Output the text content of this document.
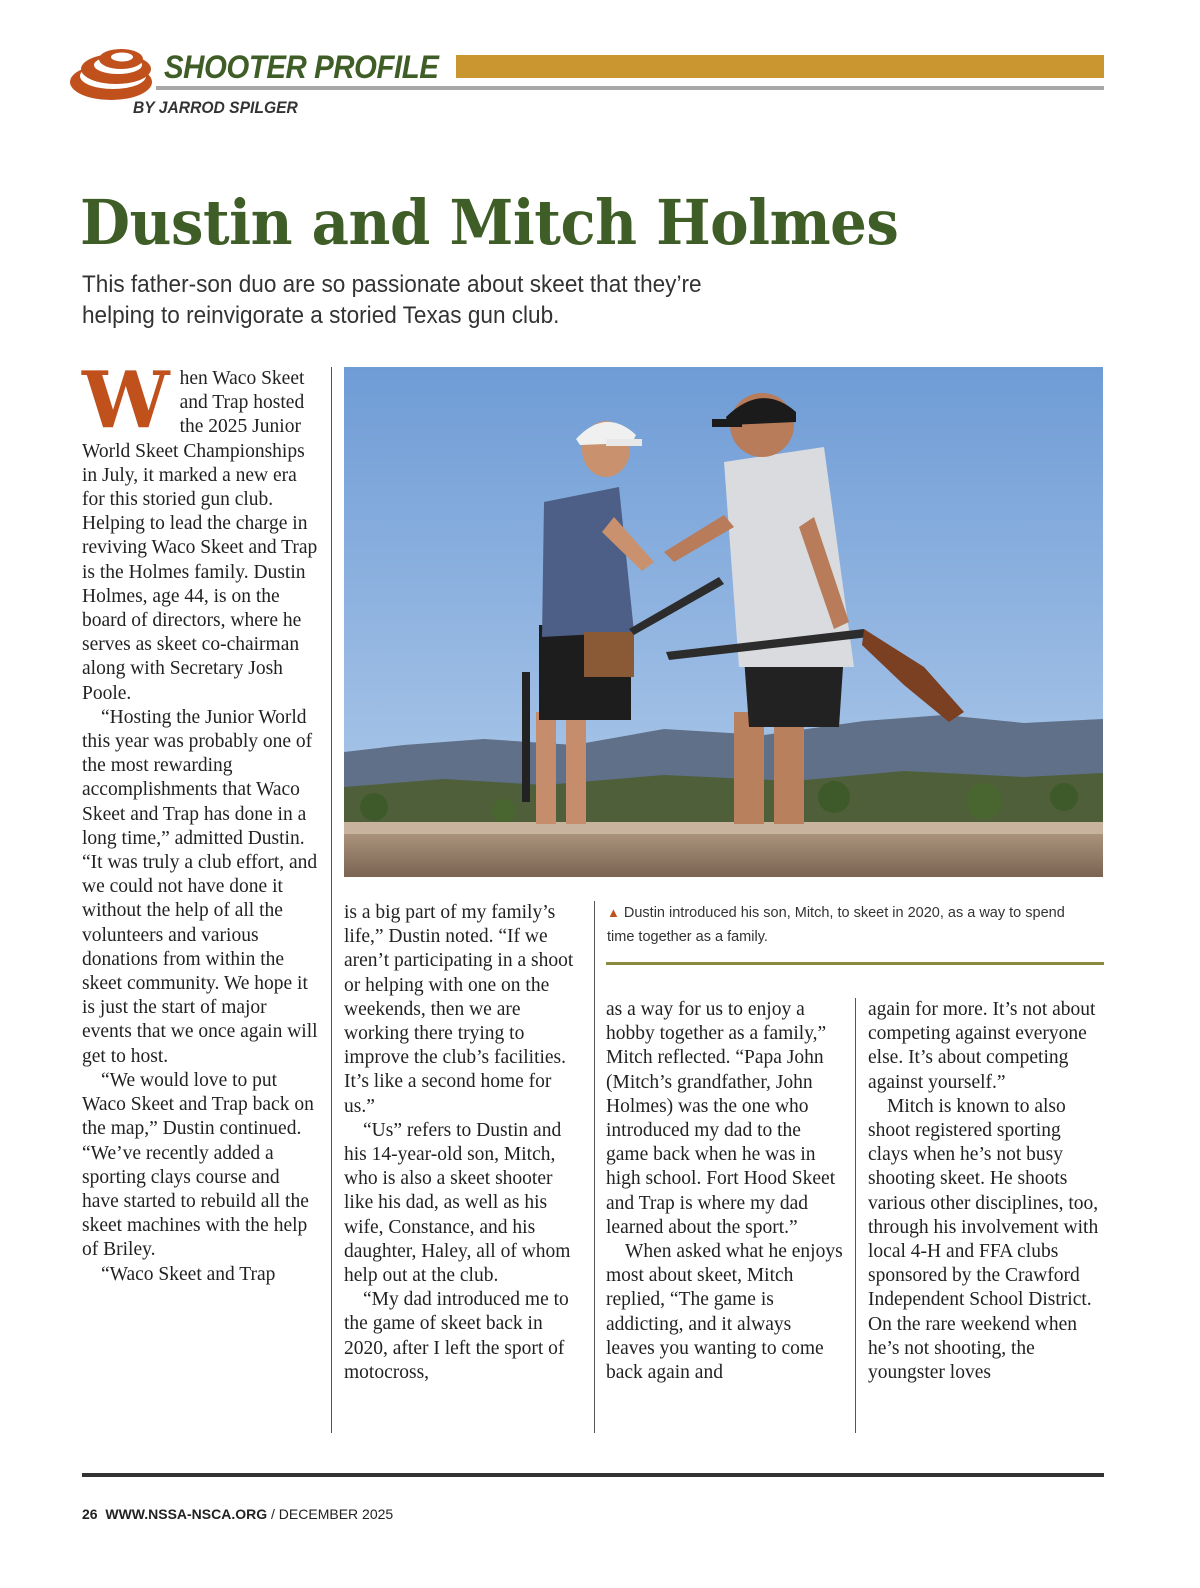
SHOOTER PROFILE
BY JARROD SPILGER
Dustin and Mitch Holmes
This father-son duo are so passionate about skeet that they’re helping to reinvigorate a storied Texas gun club.
W hen Waco Skeet and Trap hosted the 2025 Junior World Skeet Championships in July, it marked a new era for this storied gun club. Helping to lead the charge in reviving Waco Skeet and Trap is the Holmes family. Dustin Holmes, age 44, is on the board of directors, where he serves as skeet co-chairman along with Secretary Josh Poole.

“Hosting the Junior World this year was probably one of the most rewarding accomplishments that Waco Skeet and Trap has done in a long time,” admitted Dustin. “It was truly a club effort, and we could not have done it without the help of all the volunteers and various donations from within the skeet community. We hope it is just the start of major events that we once again will get to host.

“We would love to put Waco Skeet and Trap back on the map,” Dustin continued. “We’ve recently added a sporting clays course and have started to rebuild all the skeet machines with the help of Briley.

“Waco Skeet and Trap

is a big part of my family’s life,” Dustin noted. “If we aren’t participating in a shoot or helping with one on the weekends, then we are working there trying to improve the club’s facilities. It’s like a second home for us.”

“Us” refers to Dustin and his 14-year-old son, Mitch, who is also a skeet shooter like his dad, as well as his wife, Constance, and his daughter, Haley, all of whom help out at the club.

“My dad introduced me to the game of skeet back in 2020, after I left the sport of motocross,

▲ Dustin introduced his son, Mitch, to skeet in 2020, as a way to spend time together as a family.

as a way for us to enjoy a hobby together as a family,” Mitch reflected. “Papa John (Mitch’s grandfather, John Holmes) was the one who introduced my dad to the game back when he was in high school. Fort Hood Skeet and Trap is where my dad learned about the sport.”

When asked what he enjoys most about skeet, Mitch replied, “The game is addicting, and it always leaves you wanting to come back again and

again for more. It’s not about competing against everyone else. It’s about competing against yourself.”

Mitch is known to also shoot registered sporting clays when he’s not busy shooting skeet. He shoots various other disciplines, too, through his involvement with local 4-H and FFA clubs sponsored by the Crawford Independent School District. On the rare weekend when he’s not shooting, the youngster loves

26 WWW.NSSA-NSCA.ORG / DECEMBER 2025
